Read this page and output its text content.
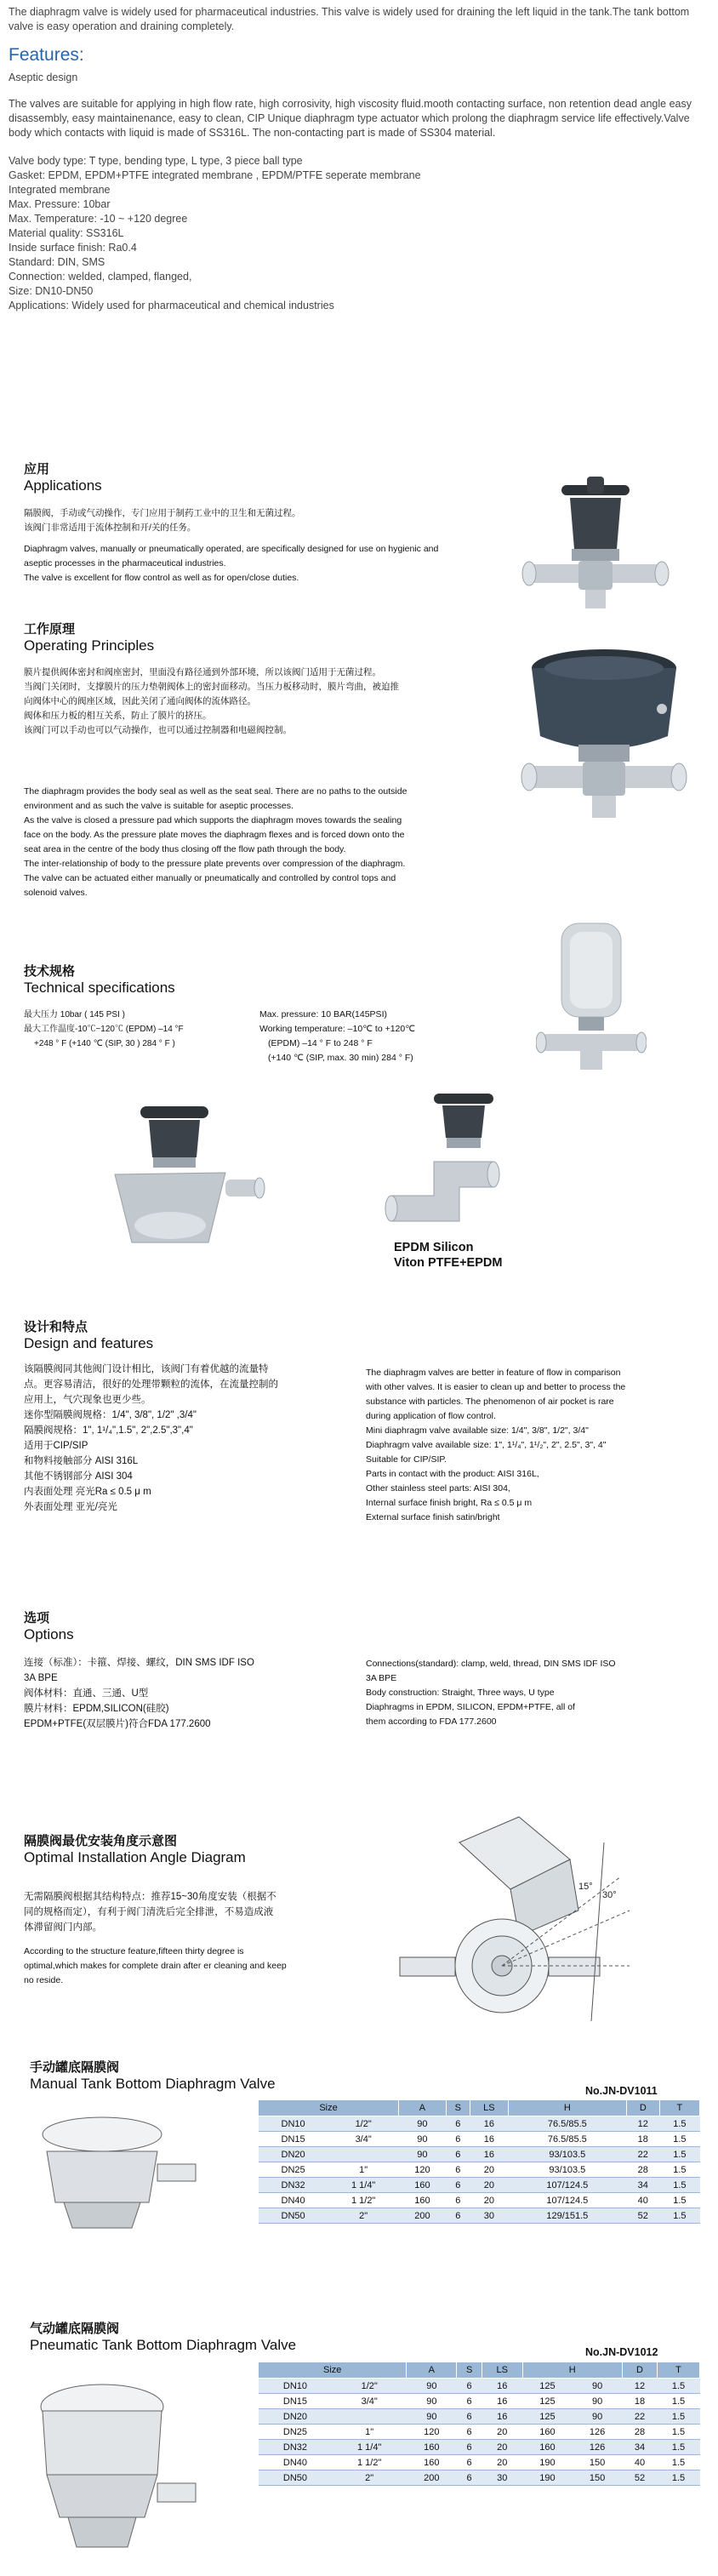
The diaphragm valve is widely used for pharmaceutical industries. This valve is widely used for draining the left liquid in the tank.The tank bottom valve is easy operation and draining completely.

Features:

Aseptic design

The valves are suitable for applying in high flow rate, high corrosivity, high viscosity fluid.mooth contacting surface, non retention dead angle easy disassembly, easy maintainenance, easy to clean, CIP Unique diaphragm type actuator which prolong the diaphragm service life effectively.Valve body which contacts with liquid is made of SS316L. The non-contacting part is made of SS304 material.

Valve body type: T type, bending type, L type, 3 piece ball type

Gasket: EPDM, EPDM+PTFE integrated membrane , EPDM/PTFE seperate membrane

Integrated membrane

Max. Pressure: 10bar

Max. Temperature: -10 ~ +120 degree

Material quality: SS316L

Inside surface finish: Ra0.4

Standard: DIN, SMS

Connection: welded, clamped, flanged,

Size: DN10-DN50

Applications: Widely used for pharmaceutical and chemical industries

应用
Applications
隔膜阀，手动或气动操作，专门应用于制药工业中的卫生和无菌过程。
该阀门非常适用于流体控制和开/关的任务。
Diaphragm valves, manually or pneumatically operated, are specifically designed for use on hygienic and aseptic processes in the pharmaceutical industries.
The valve is excellent for flow control as well as for open/close duties.
工作原理
Operating Principles
膜片提供阀体密封和阀座密封，里面没有路径通到外部环境，所以该阀门适用于无菌过程。
当阀门关闭时，支撑膜片的压力垫朝阀体上的密封面移动。当压力板移动时，膜片弯曲，被迫推
向阀体中心的阀座区域，因此关闭了通向阀体的流体路径。
阀体和压力板的相互关系，防止了膜片的挤压。
该阀门可以手动也可以气动操作，也可以通过控制器和电磁阀控制。
The diaphragm provides the body seal as well as the seat seal. There are no paths to the outside
environment and as such the valve is suitable for aseptic processes.
As the valve is closed a pressure pad which supports the diaphragm moves towards the sealing
face on the body. As the pressure plate moves the diaphragm flexes and is forced down onto the
seat area in the centre of the body thus closing off the flow path through the body.
The inter-relationship of body to the pressure plate prevents over compression of the diaphragm.
The valve can be actuated either manually or pneumatically and controlled by control tops and
solenoid valves.
技术规格
Technical specifications
最大压力 10bar ( 145 PSI )
最大工作温度-10℃~120℃ (EPDM) –14 °F
+248 ° F (+140 ℃ (SIP, 30 ) 284 ° F )
Max. pressure: 10 BAR(145PSI)
Working temperature: –10℃ to +120℃
(EPDM) –14 ° F to 248 ° F
(+140 ℃ (SIP, max. 30 min) 284 ° F)
EPDM Silicon
Viton PTFE+EPDM
设计和特点
Design and features
该隔膜阀同其他阀门设计相比，该阀门有着优越的流量特
点。更容易清洁，很好的处理带颗粒的流体，在流量控制的
应用上，气穴现象也更少些。
迷你型隔膜阀规格：1/4", 3/8", 1/2" ,3/4"
隔膜阀规格：1", 1¹/₄",1.5", 2",2.5",3",4"
适用于CIP/SIP
和物料接触部分 AISI 316L
其他不锈钢部分 AISI 304
内表面处理 亮光Ra ≤ 0.5 μ m
外表面处理 亚光/亮光
The diaphragm valves are better in feature of flow in comparison
with other valves. It is easier to clean up and better to process the
substance with particles. The phenomenon of air pocket is rare
during application of flow control.
Mini diaphragm valve available size: 1/4", 3/8", 1/2", 3/4"
Diaphragm valve available size: 1", 1¹/₄", 1¹/₂", 2", 2.5", 3", 4"
Suitable for CIP/SIP.
Parts in contact with the product: AISI 316L,
Other stainless steel parts: AISI 304,
Internal surface finish bright, Ra ≤ 0.5 μ m
External surface finish satin/bright
选项
Options
连接（标准）：卡箍、焊接、螺纹，DIN SMS IDF ISO
3A BPE
阀体材料：直通、三通、U型
膜片材料：EPDM,SILICON(硅胶)
EPDM+PTFE(双层膜片)符合FDA 177.2600
Connections(standard): clamp, weld, thread, DIN SMS IDF ISO
3A BPE
Body construction: Straight, Three ways, U type
Diaphragms in EPDM, SILICON, EPDM+PTFE, all of
them according to FDA 177.2600
隔膜阀最优安装角度示意图
Optimal Installation Angle Diagram
无需隔膜阀根据其结构特点：推荐15~30角度安装（根据不
同的规格而定），有利于阀门清洗后完全排泄，不易造成液
体滞留阀门内部。
According to the structure feature,fifteen thirty degree is
optimal,which makes for complete drain after er cleaning and keep
no reside.
15°
30°
手动罐底隔膜阀
Manual Tank Bottom Diaphragm Valve	No.JN-DV1011
Size		A	S	LS	H	D	T
DN10	1/2"	90	6	16	76.5/85.5	12	1.5
DN15	3/4"	90	6	16	76.5/85.5	18	1.5
DN20		90	6	16	93/103.5	22	1.5
DN25	1"	120	6	20	93/103.5	28	1.5
DN32	1 1/4"	160	6	20	107/124.5	34	1.5
DN40	1 1/2"	160	6	20	107/124.5	40	1.5
DN50	2"	200	6	30	129/151.5	52	1.5
气动罐底隔膜阀
Pneumatic Tank Bottom Diaphragm Valve	No.JN-DV1012
Size		A	S	LS	H		D	T
DN10	1/2"	90	6	16	125	90	12	1.5
DN15	3/4"	90	6	16	125	90	18	1.5
DN20		90	6	16	125	90	22	1.5
DN25	1"	120	6	20	160	126	28	1.5
DN32	1 1/4"	160	6	20	160	126	34	1.5
DN40	1 1/2"	160	6	20	190	150	40	1.5
DN50	2"	200	6	30	190	150	52	1.5
